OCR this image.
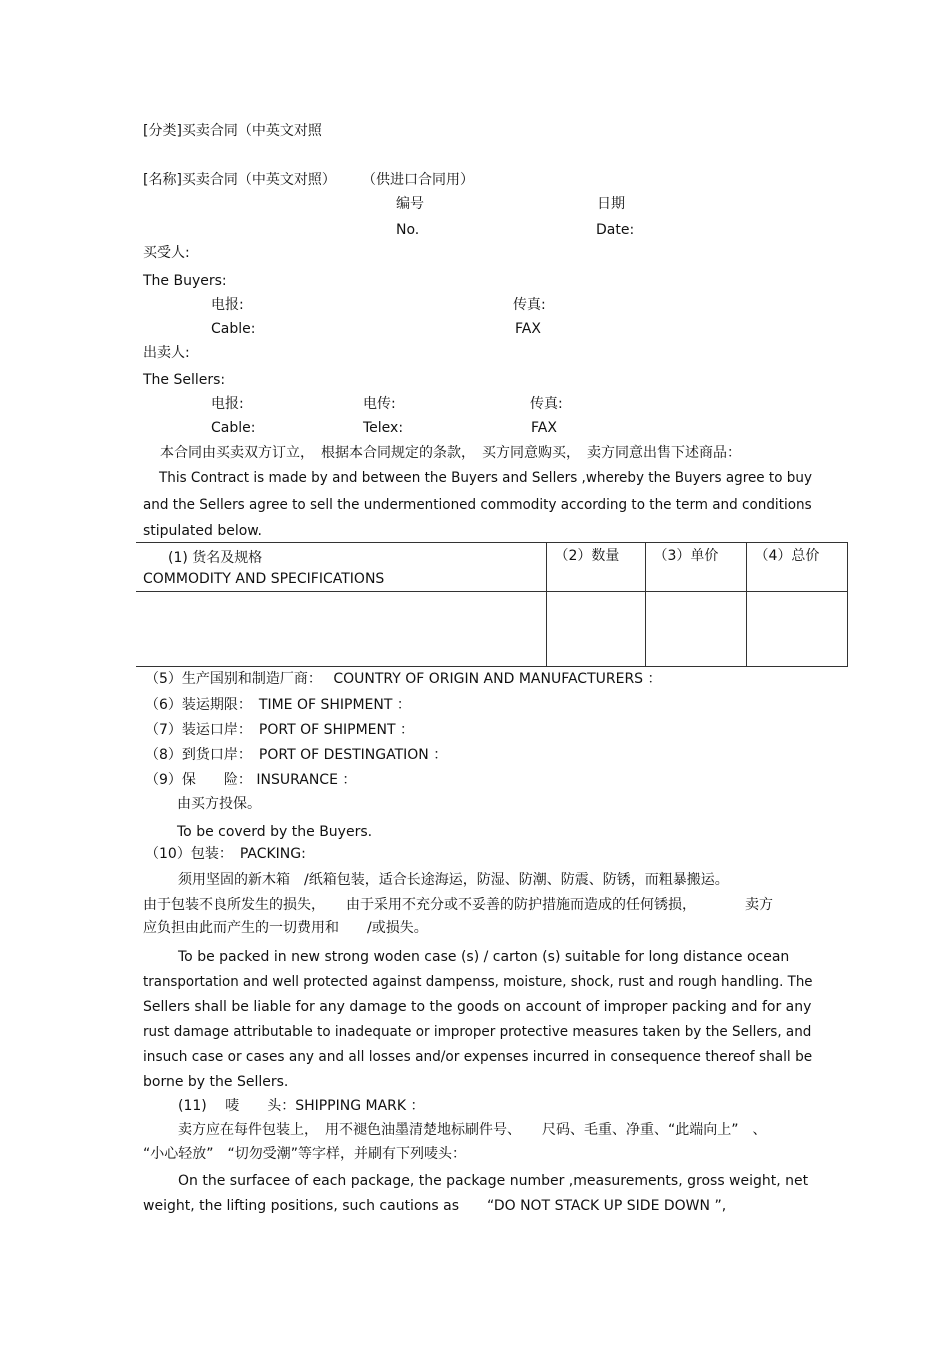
[分类]买卖合同（中英文对照
[名称]买卖合同（中英文对照） （供进口合同用）
编号	日期
No.	Date:
买受人:
The Buyers:
电报:	传真:
Cable:	FAX
出卖人:
The Sellers:
电报:	电传:	传真:
Cable:	Telex:	FAX
本合同由买卖双方订立，　根据本合同规定的条款，　买方同意购买，　卖方同意出售下述商品：
This Contract is made by and between the Buyers and Sellers ,whereby the Buyers agree to buy
and the Sellers agree to sell the undermentioned commodity according to the term and conditions
stipulated below.
(1) 货名及规格
COMMODITY AND SPECIFICATIONS	（2）数量	（3）单价	（4）总价

（5）生产国别和制造厂商：　 COUNTRY OF ORIGIN AND MANUFACTURERS ：
（6）装运期限：　TIME OF SHIPMENT ：
（7）装运口岸：　PORT OF SHIPMENT ：
（8）到货口岸：　PORT OF DESTINGATION ：
（9）保　　险： INSURANCE ：
由买方投保。
To be coverd by the Buyers.
（10）包装：　PACKING:
须用坚固的新木箱　/纸箱包装，适合长途海运，防湿、防潮、防震、防锈，而粗暴搬运。
由于包装不良所发生的损失，　　由于采用不充分或不妥善的防护措施而造成的任何锈损，　　　　卖方
应负担由此而产生的一切费用和　　/或损失。
To be packed in new strong woden case (s) / carton (s) suitable for long distance ocean
transportation and well protected against dampenss, moisture, shock, rust and rough handling. The
Sellers shall be liable for any damage to the goods on account of improper packing and for any
rust damage attributable to inadequate or improper protective measures taken by the Sellers, and
insuch case or cases any and all losses and/or expenses incurred in consequence thereof shall be
borne by the Sellers.
(11)　 唛　　头：SHIPPING MARK ：
卖方应在每件包装上，　用不褪色油墨清楚地标刷件号、　　尺码、毛重、净重、“此端向上”　、
“小心轻放”　“切勿受潮”等字样，并刷有下列唛头：
On the surfacee of each package, the package number ,measurements, gross weight, net
weight, the lifting positions, such cautions as　　“DO NOT STACK UP SIDE DOWN ”,
